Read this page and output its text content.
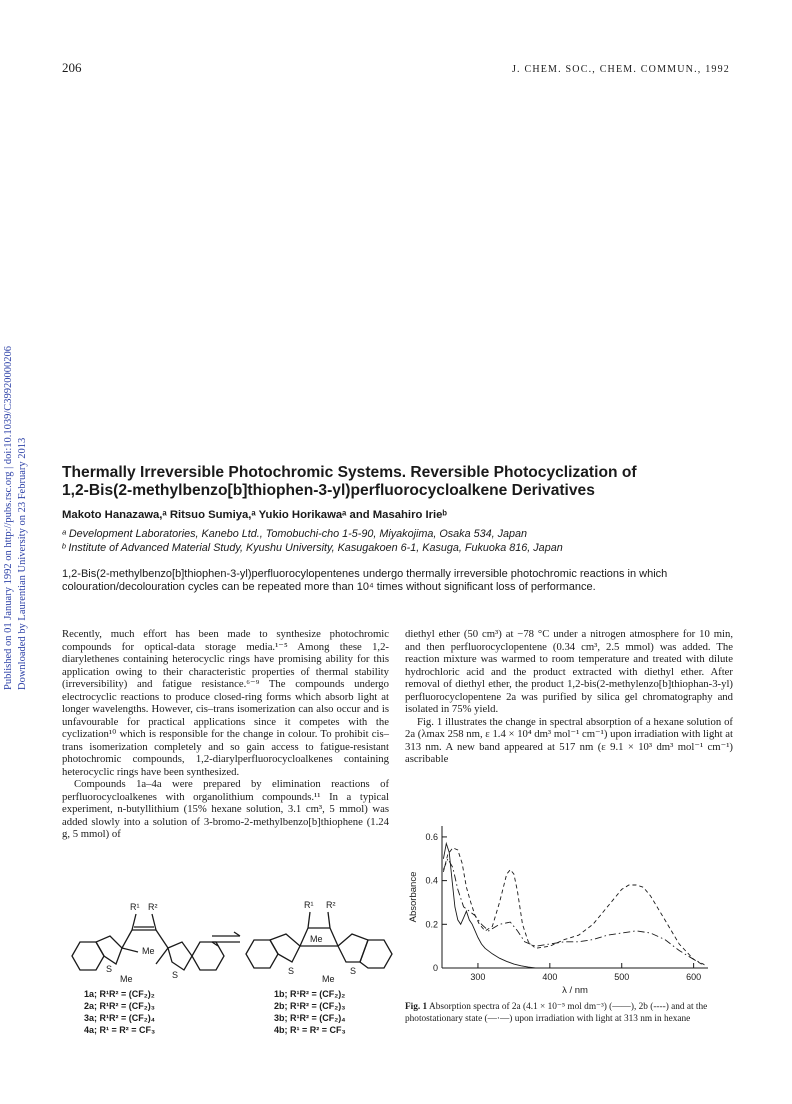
206	J. CHEM. SOC., CHEM. COMMUN., 1992
Published on 01 January 1992 on http://pubs.rsc.org | doi:10.1039/C39920000206 Downloaded by Laurentian University on 23 February 2013 Thermally Irreversible Photochromic Systems. Reversible Photocyclization of
1,2-Bis(2-methylbenzo[b]thiophen-3-yl)perfluorocycloalkene Derivatives
Makoto Hanazawa,ᵃ Ritsuo Sumiya,ᵃ Yukio Horikawaᵃ and Masahiro Irieᵇ
ᵃ Development Laboratories, Kanebo Ltd., Tomobuchi-cho 1-5-90, Miyakojima, Osaka 534, Japan
ᵇ Institute of Advanced Material Study, Kyushu University, Kasugakoen 6-1, Kasuga, Fukuoka 816, Japan
1,2-Bis(2-methylbenzo[b]thiophen-3-yl)perfluorocylopentenes undergo thermally irreversible photochromic reactions in which colouration/decolouration cycles can be repeated more than 10⁴ times without significant loss of performance.

Recently, much effort has been made to synthesize photochromic compounds for optical-data storage media.¹⁻⁵ Among these 1,2-diarylethenes containing heterocyclic rings have promising ability for this application owing to their characteristic properties of thermal stability (irreversibility) and fatigue resistance.⁶⁻⁹ The compounds undergo electrocyclic reactions to produce closed-ring forms which absorb light at longer wavelengths. However, cis–trans isomerization can also occur and is unfavourable for practical applications since it competes with the cyclization¹⁰ which is responsible for the change in colour. To prohibit cis–trans isomerization completely and so gain access to fatigue-resistant photochromic compounds, 1,2-diarylperfluorocycloalkenes containing heterocyclic rings have been synthesized.

Compounds 1a–4a were prepared by elimination reactions of perfluorocycloalkenes with organolithium compounds.¹¹ In a typical experiment, n-butyllithium (15% hexane solution, 3.1 cm³, 5 mmol) was added slowly into a solution of 3-bromo-2-methylbenzo[b]thiophene (1.24 g, 5 mmol) of

diethyl ether (50 cm³) at −78 °C under a nitrogen atmosphere for 10 min, and then perfluorocyclopentene (0.34 cm³, 2.5 mmol) was added. The reaction mixture was warmed to room temperature and treated with dilute hydrochloric acid and the product extracted with diethyl ether. After removal of diethyl ether, the product 1,2-bis(2-methylenzo[b]thiophan-3-yl) perfluorocyclopentene 2a was purified by silica gel chromatography and isolated in 75% yield.

Fig. 1 illustrates the change in spectral absorption of a hexane solution of 2a (λmax 258 nm, ε 1.4 × 10⁴ dm³ mol⁻¹ cm⁻¹) upon irradiation with light at 313 nm. A new band appeared at 517 nm (ε 9.1 × 10³ dm³ mol⁻¹ cm⁻¹) ascribable

R¹ R²
Me
Me
S
S
R¹ R²
Me
Me
S	S
1a; R¹R² = (CF₂)₂
2a; R¹R² = (CF₂)₃
3a; R¹R² = (CF₂)₄
4a; R¹ = R² = CF₃
1b; R¹R² = (CF₂)₂
2b; R¹R² = (CF₂)₃
3b; R¹R² = (CF₂)₄
4b; R¹ = R² = CF₃
0
0.2
0.4
0.6
300	400	500	600
λ / nm
Absorbance
Fig. 1 Absorption spectra of 2a (4.1 × 10⁻⁵ mol dm⁻³) (——), 2b (----) and at the photostationary state (—·—) upon irradiation with light at 313 nm in hexane
